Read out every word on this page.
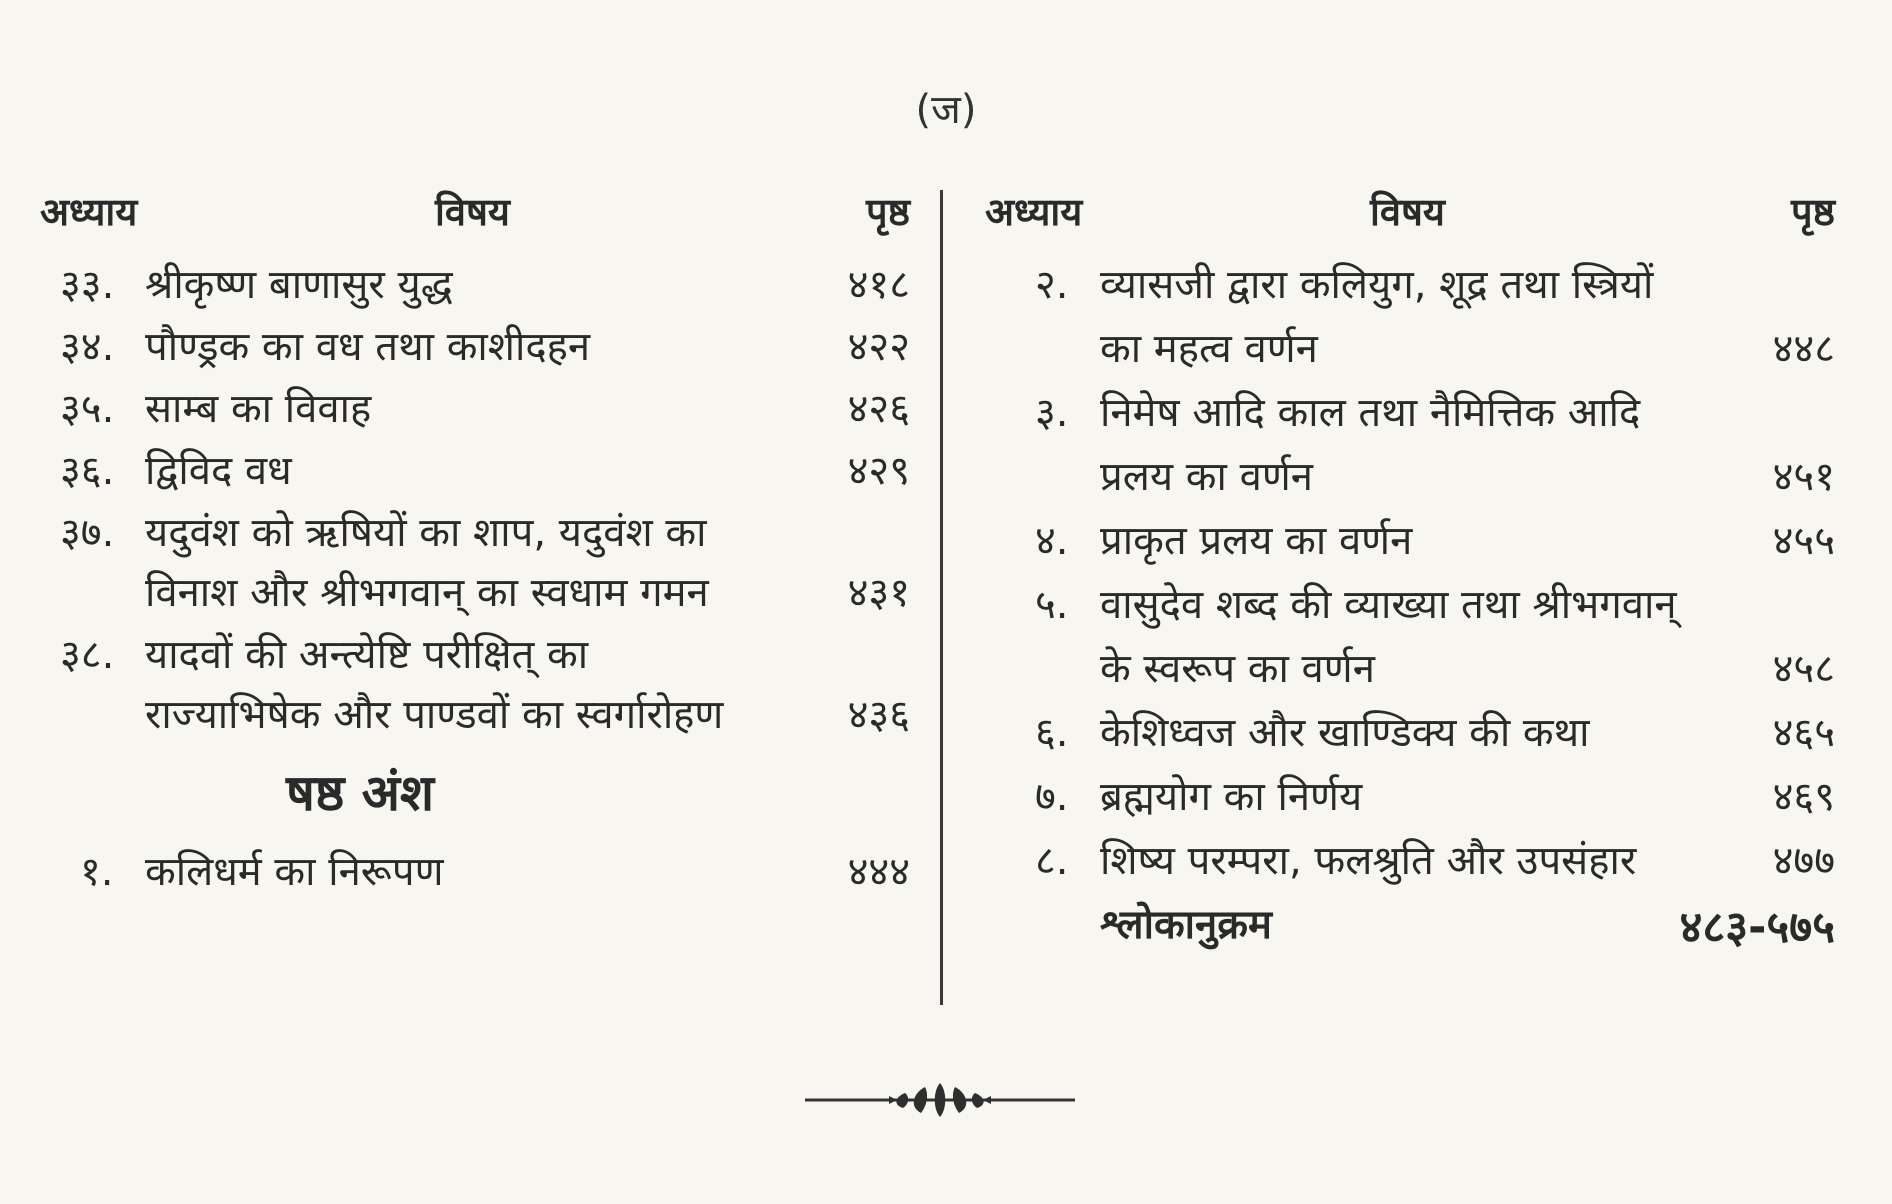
(ज)
अध्याय	विषय	पृष्ठ
३३. श्रीकृष्ण बाणासुर युद्ध	४१८
३४. पौण्ड्रक का वध तथा काशीदहन	४२२
३५. साम्ब का विवाह	४२६
३६. द्विविद वध	४२९
३७. यदुवंश को ऋषियों का शाप, यदुवंश का
विनाश और श्रीभगवान् का स्वधाम गमन	४३१
३८. यादवों की अन्त्येष्टि परीक्षित् का
राज्याभिषेक और पाण्डवों का स्वर्गारोहण	४३६
षष्ठ अंश
१. कलिधर्म का निरूपण	४४४
अध्याय	विषय	पृष्ठ
२. व्यासजी द्वारा कलियुग, शूद्र तथा स्त्रियों
का महत्व वर्णन	४४८
३. निमेष आदि काल तथा नैमित्तिक आदि
प्रलय का वर्णन	४५१
४. प्राकृत प्रलय का वर्णन	४५५
५. वासुदेव शब्द की व्याख्या तथा श्रीभगवान्
के स्वरूप का वर्णन	४५८
६. केशिध्वज और खाण्डिक्य की कथा	४६५
७. ब्रह्मयोग का निर्णय	४६९
८. शिष्य परम्परा, फलश्रुति और उपसंहार	४७७
श्लोकानुक्रम	४८३-५७५
